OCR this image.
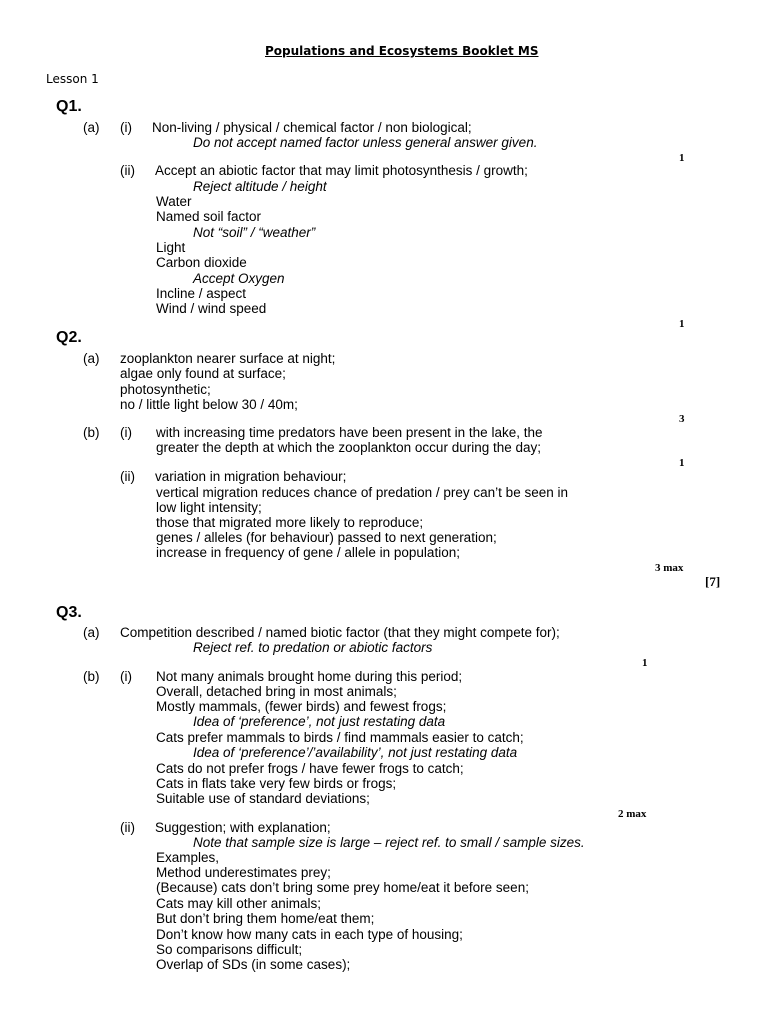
Populations and Ecosystems Booklet MS
Lesson 1
Q1.
(a) (i) Non-living / physical / chemical factor / non biological;
Do not accept named factor unless general answer given.
1
(ii) Accept an abiotic factor that may limit photosynthesis / growth;
Reject altitude / height
Water
Named soil factor
Not “soil” / “weather”
Light
Carbon dioxide
Accept Oxygen
Incline / aspect
Wind / wind speed
1
Q2.
(a) zooplankton nearer surface at night;
algae only found at surface;
photosynthetic;
no / little light below 30 / 40m;
3
(b) (i) with increasing time predators have been present in the lake, the
greater the depth at which the zooplankton occur during the day;
1
(ii) variation in migration behaviour;
vertical migration reduces chance of predation / prey can’t be seen in
low light intensity;
those that migrated more likely to reproduce;
genes / alleles (for behaviour) passed to next generation;
increase in frequency of gene / allele in population;
3 max
[7]
Q3.
(a) Competition described / named biotic factor (that they might compete for);
Reject ref. to predation or abiotic factors
1
(b) (i) Not many animals brought home during this period;
Overall, detached bring in most animals;
Mostly mammals, (fewer birds) and fewest frogs;
Idea of ‘preference’, not just restating data
Cats prefer mammals to birds / find mammals easier to catch;
Idea of ‘preference’/’availability’, not just restating data
Cats do not prefer frogs / have fewer frogs to catch;
Cats in flats take very few birds or frogs;
Suitable use of standard deviations;
2 max
(ii) Suggestion; with explanation;
Note that sample size is large – reject ref. to small / sample sizes.
Examples,
Method underestimates prey;
(Because) cats don’t bring some prey home/eat it before seen;
Cats may kill other animals;
But don’t bring them home/eat them;
Don’t know how many cats in each type of housing;
So comparisons difficult;
Overlap of SDs (in some cases);
